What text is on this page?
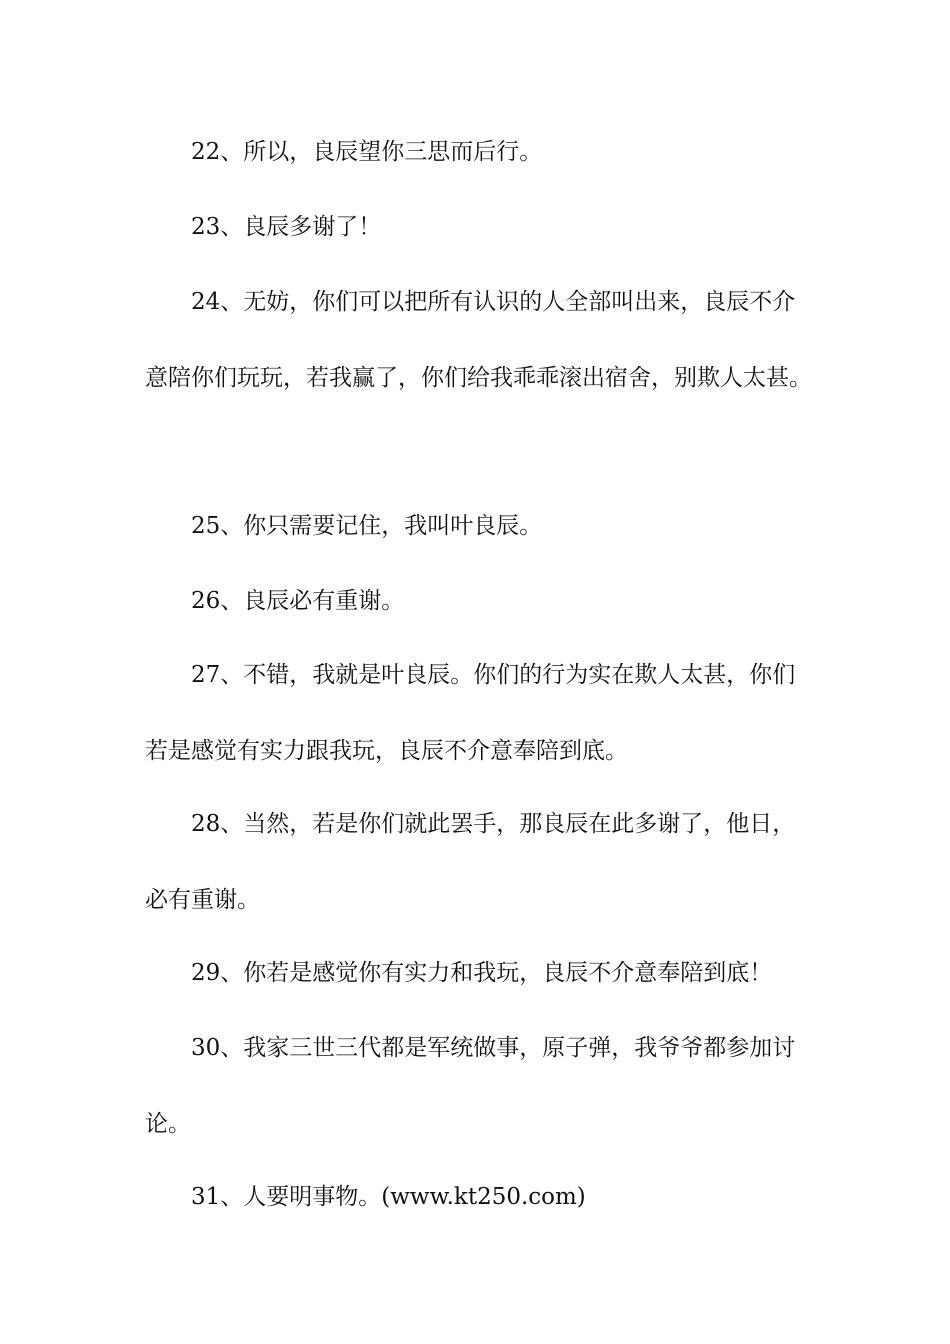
22、所以，良辰望你三思而后行。

23、良辰多谢了！

24、无妨，你们可以把所有认识的人全部叫出来，良辰不介意陪你们玩玩，若我赢了，你们给我乖乖滚出宿舍，别欺人太甚。

25、你只需要记住，我叫叶良辰。

26、良辰必有重谢。

27、不错，我就是叶良辰。你们的行为实在欺人太甚，你们若是感觉有实力跟我玩，良辰不介意奉陪到底。

28、当然，若是你们就此罢手，那良辰在此多谢了，他日，必有重谢。

29、你若是感觉你有实力和我玩，良辰不介意奉陪到底！

30、我家三世三代都是军统做事，原子弹，我爷爷都参加讨论。

31、人要明事物。(www.kt250.com)
